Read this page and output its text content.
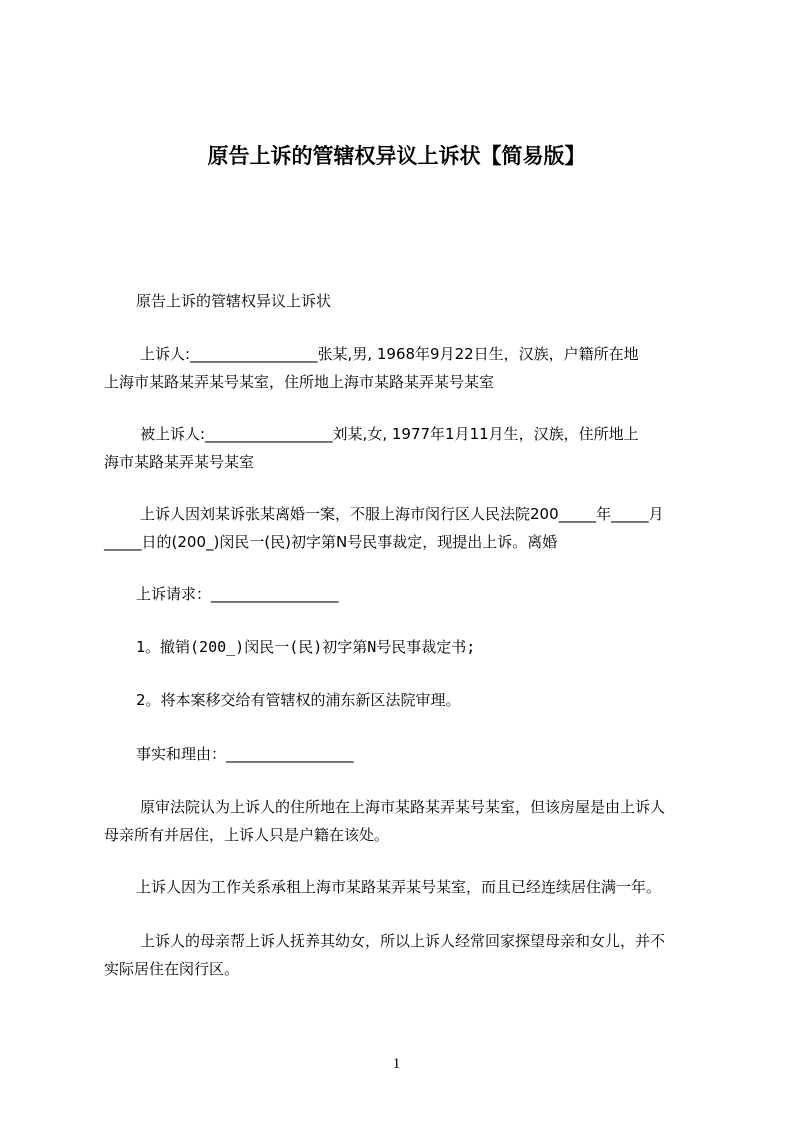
原告上诉的管辖权异议上诉状【简易版】
原告上诉的管辖权异议上诉状
上诉人:_________________张某,男, 1968年9月22日生，汉族，户籍所在地
上海市某路某弄某号某室，住所地上海市某路某弄某号某室
被上诉人:_________________刘某,女, 1977年1月11月生，汉族，住所地上
海市某路某弄某号某室
上诉人因刘某诉张某离婚一案，不服上海市闵行区人民法院200_____年_____月
_____日的(200_)闵民一(民)初字第N号民事裁定，现提出上诉。离婚
上诉请求：_________________
1。撤销(200_)闵民一(民)初字第N号民事裁定书;
2。将本案移交给有管辖权的浦东新区法院审理。
事实和理由：_________________
原审法院认为上诉人的住所地在上海市某路某弄某号某室，但该房屋是由上诉人
母亲所有并居住，上诉人只是户籍在该处。
上诉人因为工作关系承租上海市某路某弄某号某室，而且已经连续居住满一年。
上诉人的母亲帮上诉人抚养其幼女，所以上诉人经常回家探望母亲和女儿，并不
实际居住在闵行区。
1
